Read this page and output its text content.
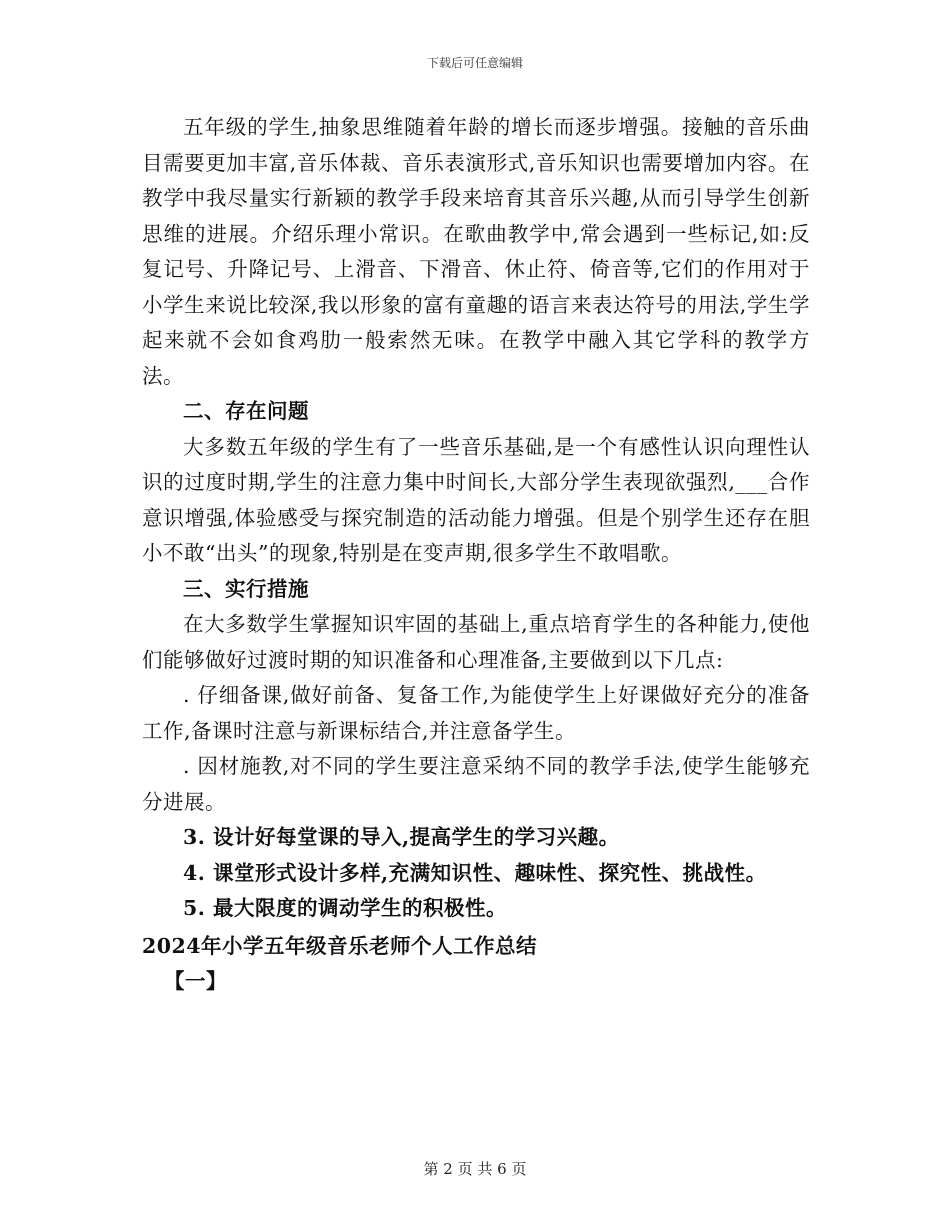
下载后可任意编辑

五年级的学生,抽象思维随着年龄的增长而逐步增强。接触的音乐曲目需要更加丰富,音乐体裁、音乐表演形式,音乐知识也需要增加内容。在教学中我尽量实行新颖的教学手段来培育其音乐兴趣,从而引导学生创新思维的进展。介绍乐理小常识。在歌曲教学中,常会遇到一些标记,如:反复记号、升降记号、上滑音、下滑音、休止符、倚音等,它们的作用对于小学生来说比较深,我以形象的富有童趣的语言来表达符号的用法,学生学起来就不会如食鸡肋一般索然无味。在教学中融入其它学科的教学方法。

二、存在问题

大多数五年级的学生有了一些音乐基础,是一个有感性认识向理性认识的过度时期,学生的注意力集中时间长,大部分学生表现欲强烈,___合作意识增强,体验感受与探究制造的活动能力增强。但是个别学生还存在胆小不敢“出头”的现象,特别是在变声期,很多学生不敢唱歌。

三、实行措施

在大多数学生掌握知识牢固的基础上,重点培育学生的各种能力,使他们能够做好过渡时期的知识准备和心理准备,主要做到以下几点:

. 仔细备课,做好前备、复备工作,为能使学生上好课做好充分的准备工作,备课时注意与新课标结合,并注意备学生。

. 因材施教,对不同的学生要注意采纳不同的教学手法,使学生能够充分进展。

3. 设计好每堂课的导入,提高学生的学习兴趣。

4. 课堂形式设计多样,充满知识性、趣味性、探究性、挑战性。

5. 最大限度的调动学生的积极性。

2024年小学五年级音乐老师个人工作总结

【一】

第 2 页 共 6 页
